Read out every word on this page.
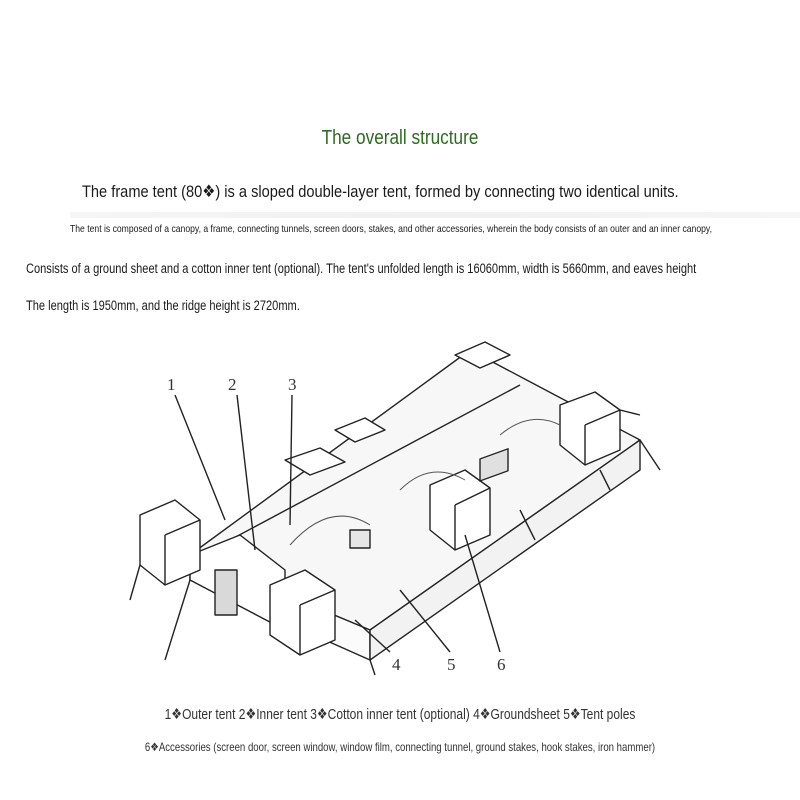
The overall structure
The frame tent (80❖) is a sloped double-layer tent, formed by connecting two identical units.
The tent is composed of a canopy, a frame, connecting tunnels, screen doors, stakes, and other accessories, wherein the body consists of an outer and an inner canopy,
Consists of a ground sheet and a cotton inner tent (optional). The tent's unfolded length is 16060mm, width is 5660mm, and eaves height
The length is 1950mm, and the ridge height is 2720mm.
1	2	3
4	5 6
1❖Outer tent 2❖Inner tent 3❖Cotton inner tent (optional) 4❖Groundsheet 5❖Tent poles
6❖Accessories (screen door, screen window, window film, connecting tunnel, ground stakes, hook stakes, iron hammer)
